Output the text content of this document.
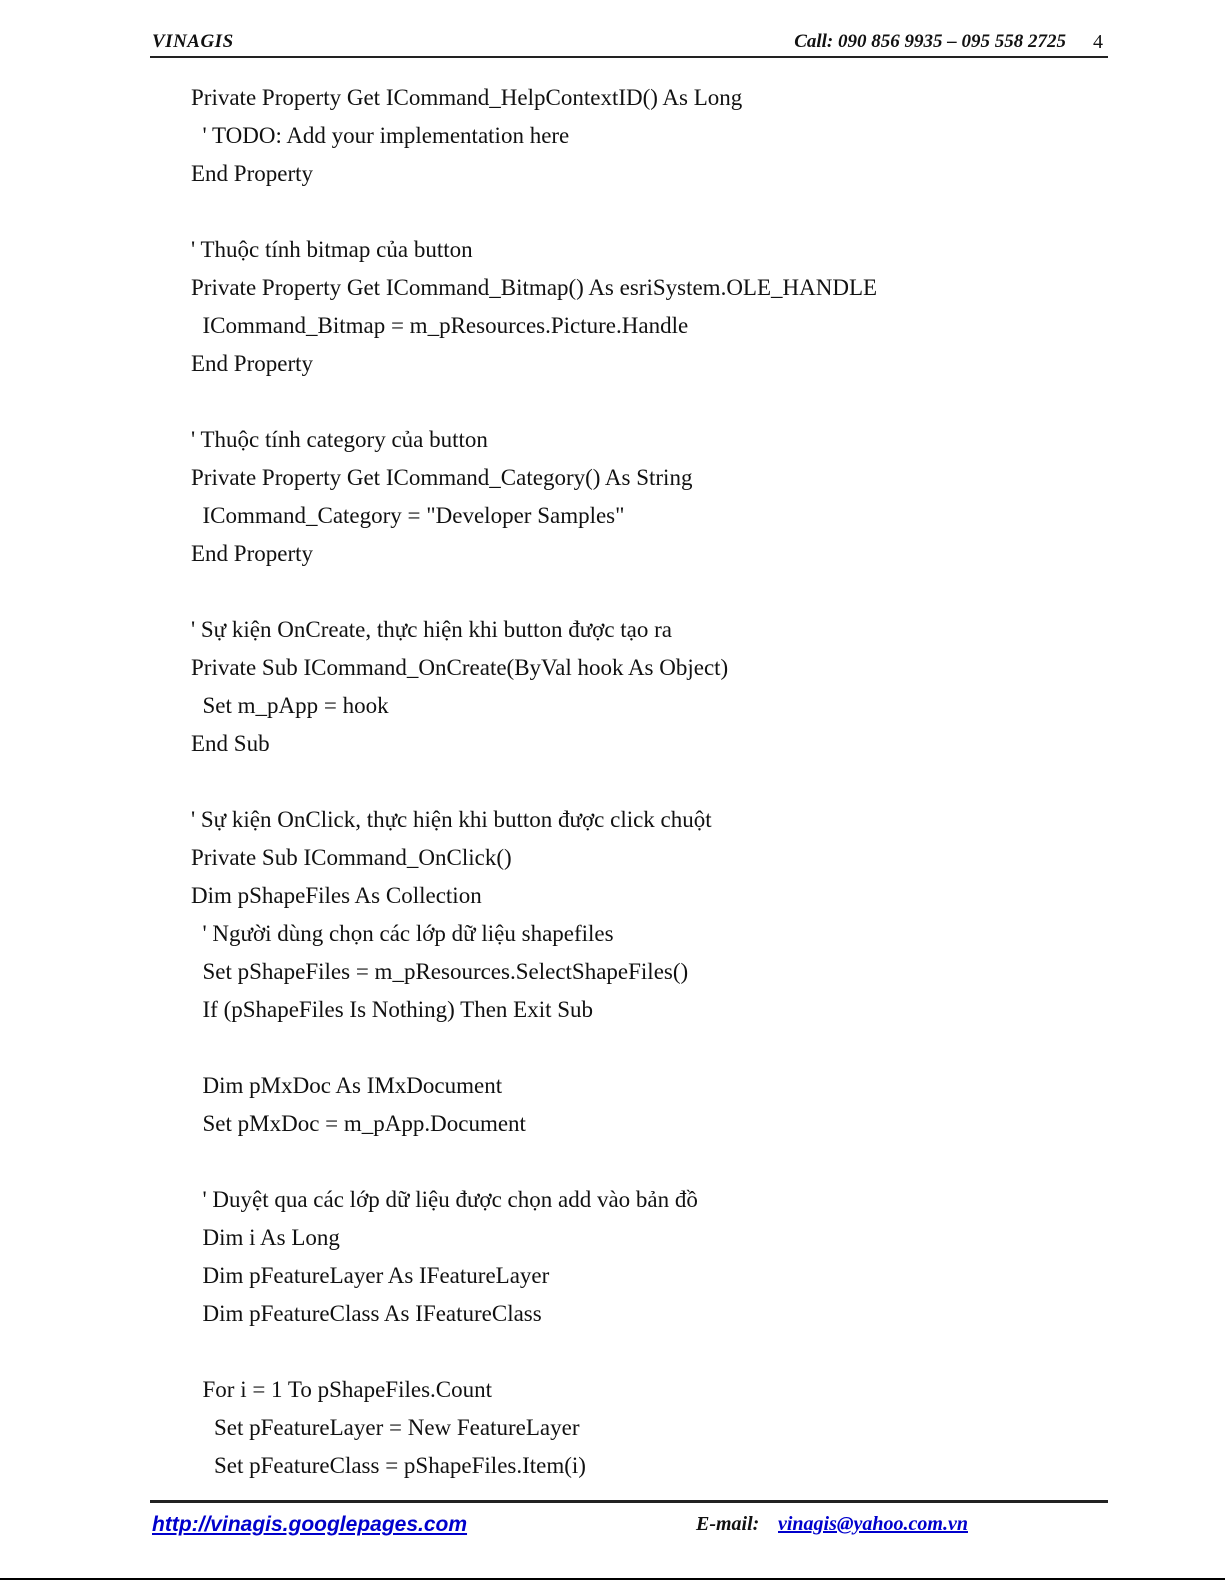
VINAGIS	Call: 090 856 9935 – 095 558 2725 4
Private Property Get ICommand_HelpContextID() As Long
' TODO: Add your implementation here
End Property
' Thuộc tính bitmap của button
Private Property Get ICommand_Bitmap() As esriSystem.OLE_HANDLE
ICommand_Bitmap = m_pResources.Picture.Handle
End Property
' Thuộc tính category của button
Private Property Get ICommand_Category() As String
ICommand_Category = "Developer Samples"
End Property
' Sự kiện OnCreate, thực hiện khi button được tạo ra
Private Sub ICommand_OnCreate(ByVal hook As Object)
Set m_pApp = hook
End Sub
' Sự kiện OnClick, thực hiện khi button được click chuột
Private Sub ICommand_OnClick()
Dim pShapeFiles As Collection
' Người dùng chọn các lớp dữ liệu shapefiles
Set pShapeFiles = m_pResources.SelectShapeFiles()
If (pShapeFiles Is Nothing) Then Exit Sub
Dim pMxDoc As IMxDocument
Set pMxDoc = m_pApp.Document
' Duyệt qua các lớp dữ liệu được chọn add vào bản đồ
Dim i As Long
Dim pFeatureLayer As IFeatureLayer
Dim pFeatureClass As IFeatureClass
For i = 1 To pShapeFiles.Count
Set pFeatureLayer = New FeatureLayer
Set pFeatureClass = pShapeFiles.Item(i)
http://vinagis.googlepages.com	E-mail: vinagis@yahoo.com.vn
